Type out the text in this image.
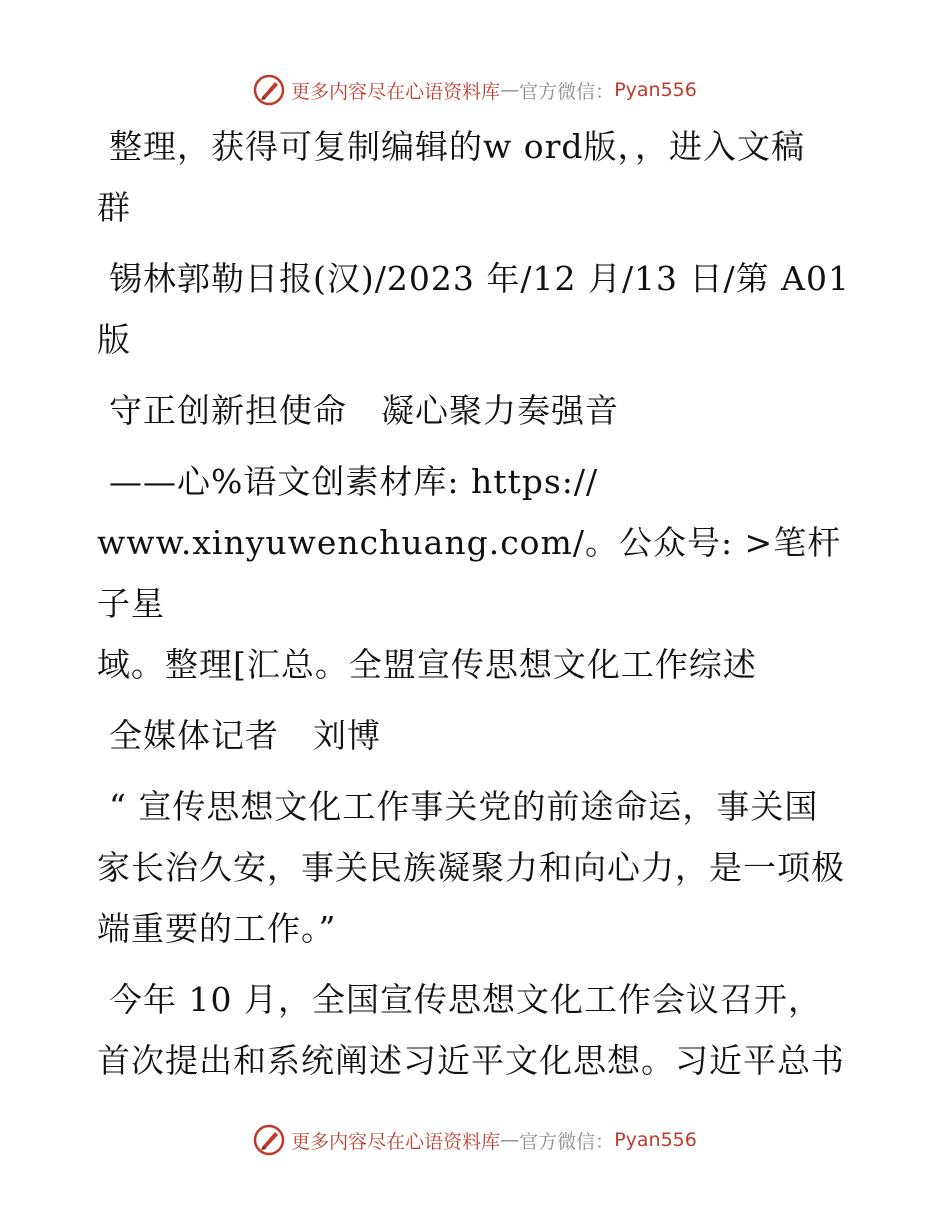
更多内容尽在心语资料库 — 官方微信： Pyan556

整理，获得可复制编辑的w ord版，，进入文稿
群

锡林郭勒日报(汉)/2023 年/12 月/13 日/第 A01
版

守正创新担使命　凝心聚力奏强音

——心%语文创素材库: https://
www.xinyuwenchuang.com/。公众号: >笔杆子星
域。整理[汇总。全盟宣传思想文化工作综述

全媒体记者　刘博

“ 宣传思想文化工作事关党的前途命运，事关国
家长治久安，事关民族凝聚力和向心力，是一项极
端重要的工作。”

今年 10 月，全国宣传思想文化工作会议召开，
首次提出和系统阐述习近平文化思想。习近平总书

更多内容尽在心语资料库 — 官方微信： Pyan556
